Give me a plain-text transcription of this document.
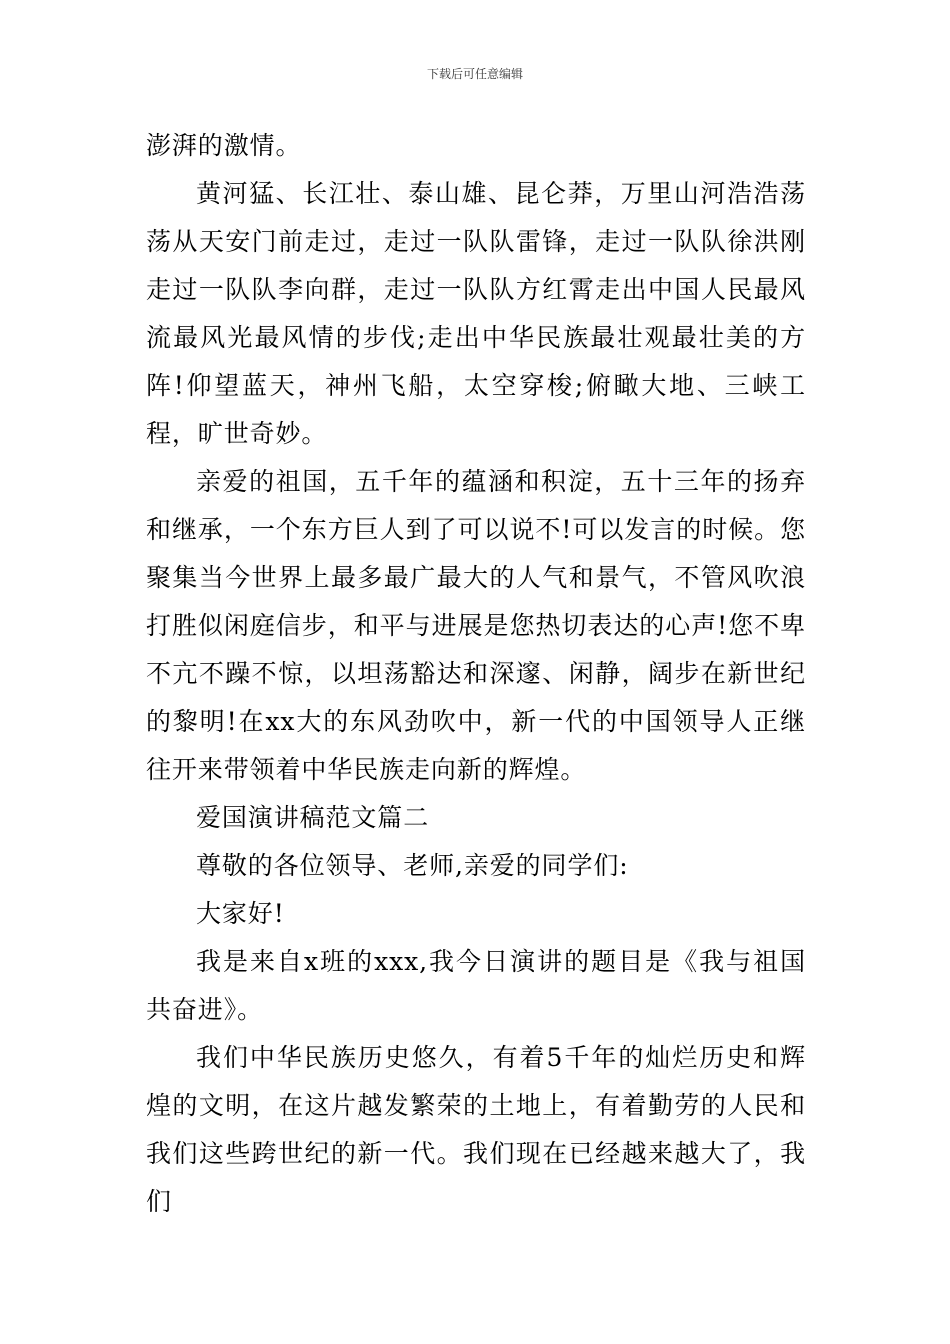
下载后可任意编辑

澎湃的激情。

黄河猛、长江壮、泰山雄、昆仑莽，万里山河浩浩荡荡从天安门前走过，走过一队队雷锋，走过一队队徐洪刚走过一队队李向群，走过一队队方红霄走出中国人民最风流最风光最风情的步伐;走出中华民族最壮观最壮美的方阵!仰望蓝天，神州飞船，太空穿梭;俯瞰大地、三峡工程，旷世奇妙。

亲爱的祖国，五千年的蕴涵和积淀，五十三年的扬弃和继承，一个东方巨人到了可以说不!可以发言的时候。您聚集当今世界上最多最广最大的人气和景气，不管风吹浪打胜似闲庭信步，和平与进展是您热切表达的心声!您不卑不亢不躁不惊，以坦荡豁达和深邃、闲静，阔步在新世纪的黎明!在xx大的东风劲吹中，新一代的中国领导人正继往开来带领着中华民族走向新的辉煌。

爱国演讲稿范文篇二

尊敬的各位领导、老师,亲爱的同学们:

大家好!

我是来自x班的xxx,我今日演讲的题目是《我与祖国共奋进》。

我们中华民族历史悠久，有着5千年的灿烂历史和辉煌的文明，在这片越发繁荣的土地上，有着勤劳的人民和我们这些跨世纪的新一代。我们现在已经越来越大了，我们
